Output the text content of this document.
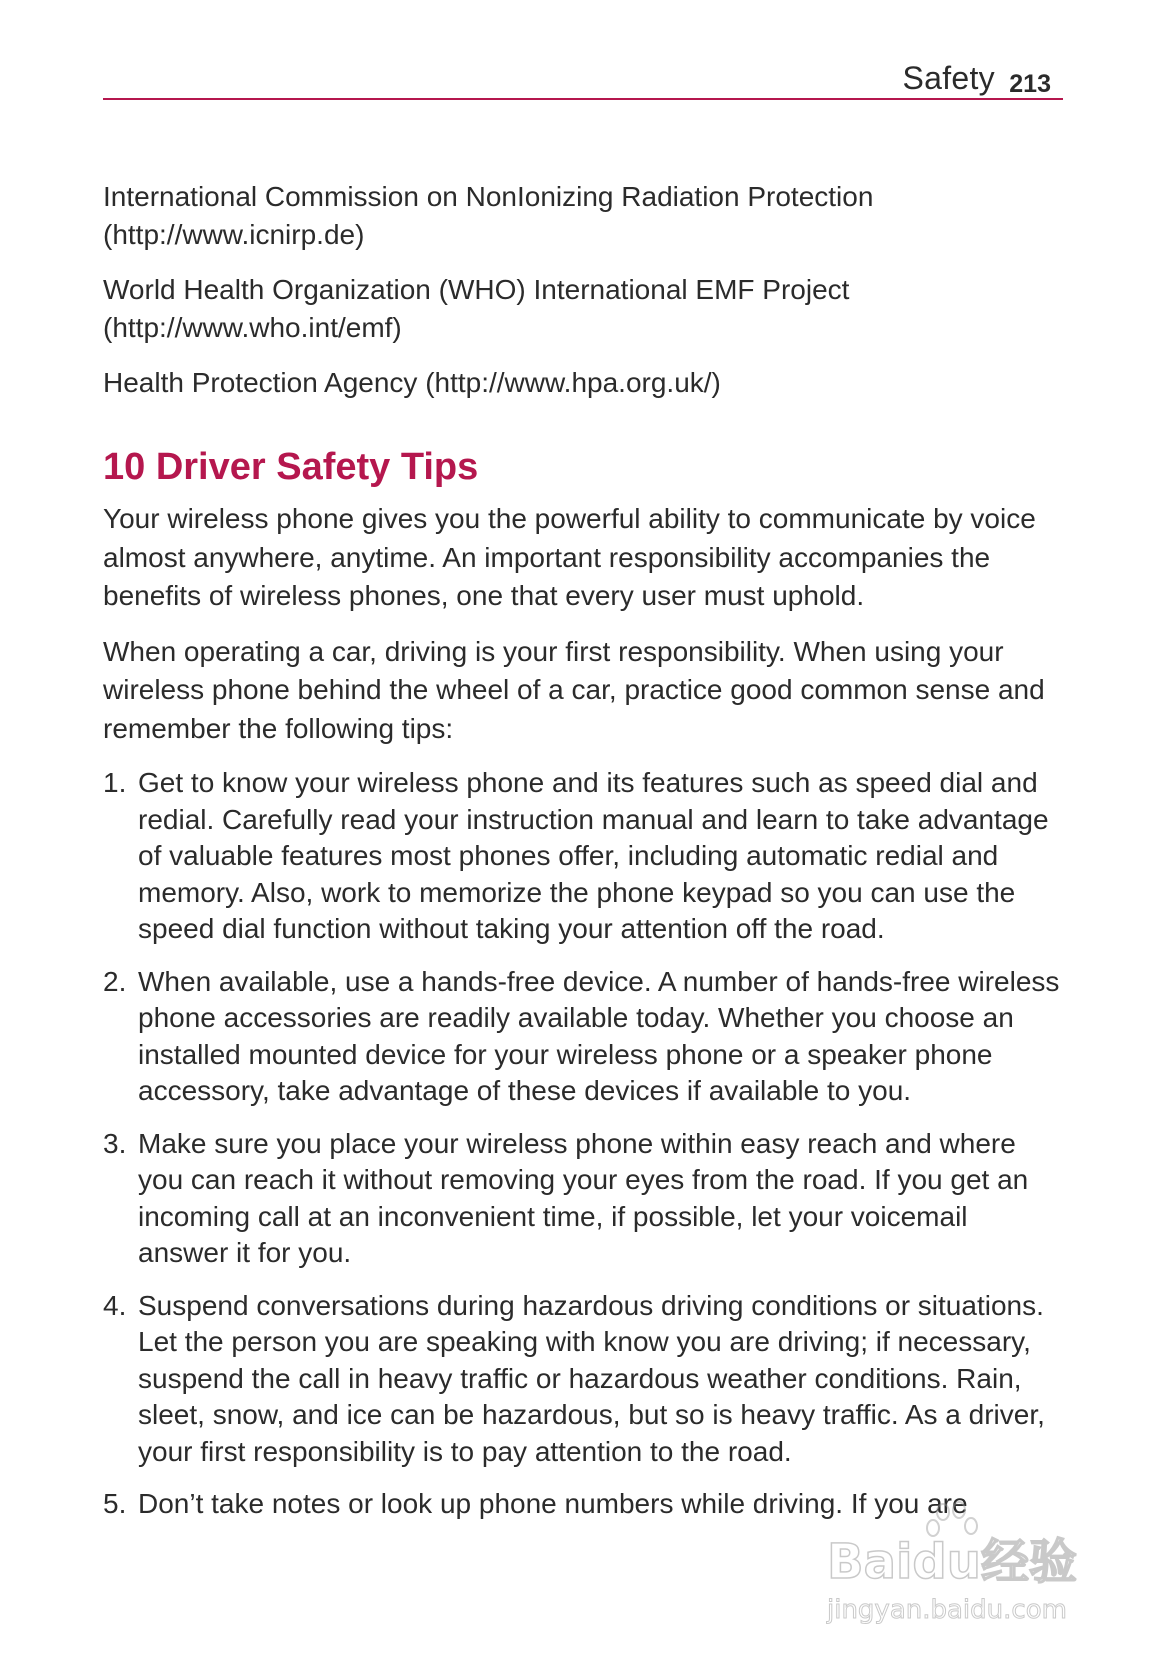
Safety 213

International Commission on NonIonizing Radiation Protection (http://www.icnirp.de)

World Health Organization (WHO) International EMF Project (http://www.who.int/emf)

Health Protection Agency (http://www.hpa.org.uk/)

10 Driver Safety Tips

Your wireless phone gives you the powerful ability to communicate by voice almost anywhere, anytime. An important responsibility accompanies the benefits of wireless phones, one that every user must uphold.

When operating a car, driving is your first responsibility. When using your wireless phone behind the wheel of a car, practice good common sense and remember the following tips:

1. Get to know your wireless phone and its features such as speed dial and redial. Carefully read your instruction manual and learn to take advantage of valuable features most phones offer, including automatic redial and memory. Also, work to memorize the phone keypad so you can use the speed dial function without taking your attention off the road.
2. When available, use a hands-free device. A number of hands-free wireless phone accessories are readily available today. Whether you choose an installed mounted device for your wireless phone or a speaker phone accessory, take advantage of these devices if available to you.
3. Make sure you place your wireless phone within easy reach and where you can reach it without removing your eyes from the road. If you get an incoming call at an inconvenient time, if possible, let your voicemail answer it for you.
4. Suspend conversations during hazardous driving conditions or situations. Let the person you are speaking with know you are driving; if necessary, suspend the call in heavy traffic or hazardous weather conditions. Rain, sleet, snow, and ice can be hazardous, but so is heavy traffic. As a driver, your first responsibility is to pay attention to the road.
5. Don’t take notes or look up phone numbers while driving. If you are
Baidu经验
jingyan.baidu.com
